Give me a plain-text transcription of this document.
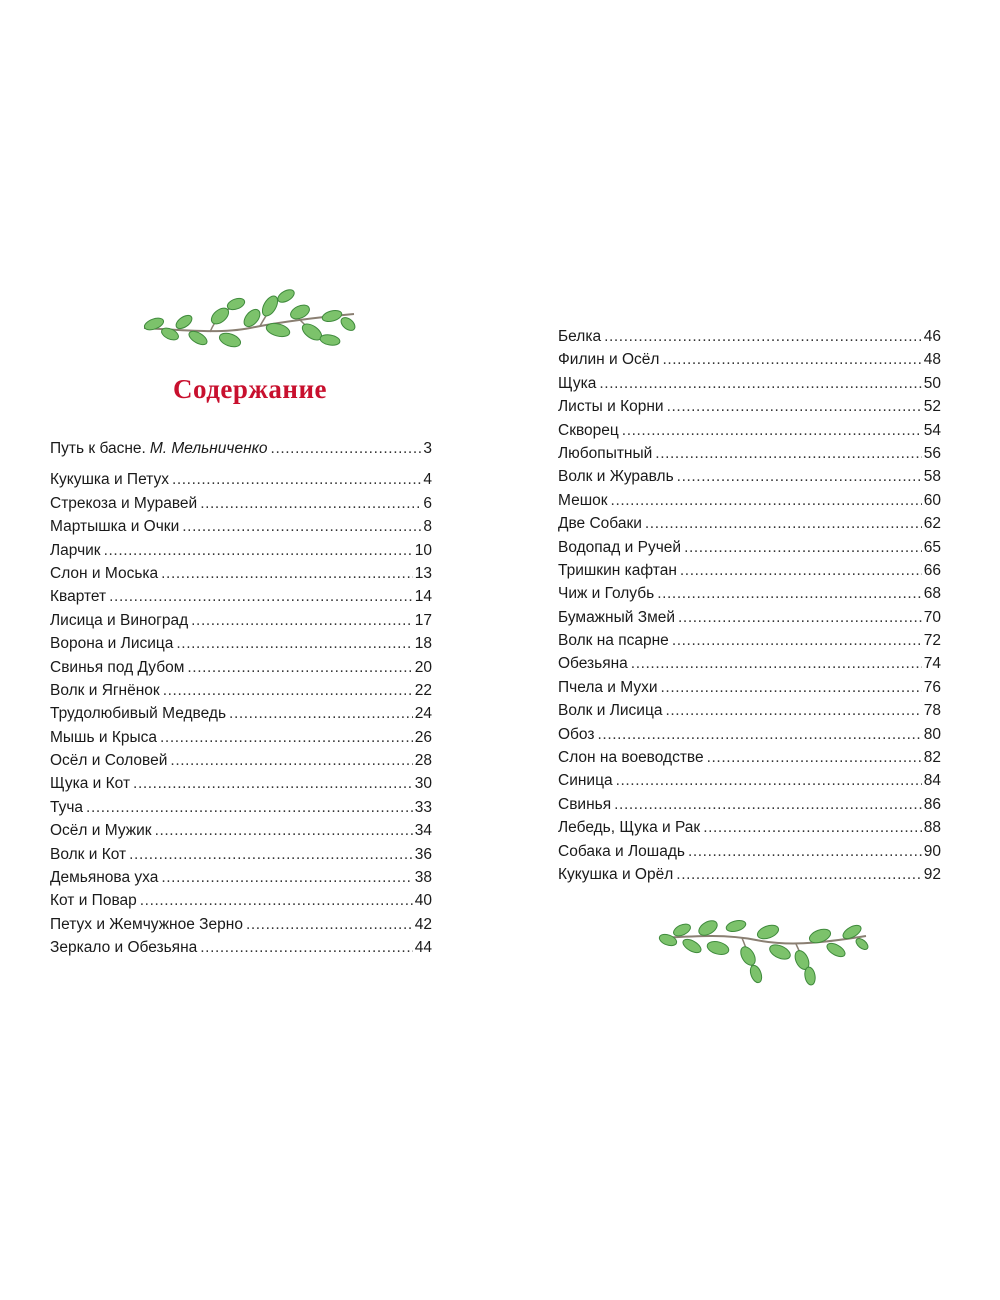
Содержание
Путь к басне. М. Мельниченко .....	3
Кукушка и Петух .....	4
Стрекоза и Муравей .....	6
Мартышка и Очки .....	8
Ларчик .....	10
Слон и Моська .....	13
Квартет .....	14
Лисица и Виноград .....	17
Ворона и Лисица .....	18
Свинья под Дубом .....	20
Волк и Ягнёнок .....	22
Трудолюбивый Медведь .....	24
Мышь и Крыса .....	26
Осёл и Соловей .....	28
Щука и Кот .....	30
Туча .....	33
Осёл и Мужик .....	34
Волк и Кот .....	36
Демьянова уха .....	38
Кот и Повар .....	40
Петух и Жемчужное Зерно .....	42
Зеркало и Обезьяна .....	44
Белка .....	46
Филин и Осёл .....	48
Щука .....	50
Листы и Корни .....	52
Скворец .....	54
Любопытный .....	56
Волк и Журавль .....	58
Мешок .....	60
Две Собаки .....	62
Водопад и Ручей .....	65
Тришкин кафтан .....	66
Чиж и Голубь .....	68
Бумажный Змей .....	70
Волк на псарне .....	72
Обезьяна .....	74
Пчела и Мухи .....	76
Волк и Лисица .....	78
Обоз .....	80
Слон на воеводстве .....	82
Синица .....	84
Свинья .....	86
Лебедь, Щука и Рак .....	88
Собака и Лошадь .....	90
Кукушка и Орёл .....	92
